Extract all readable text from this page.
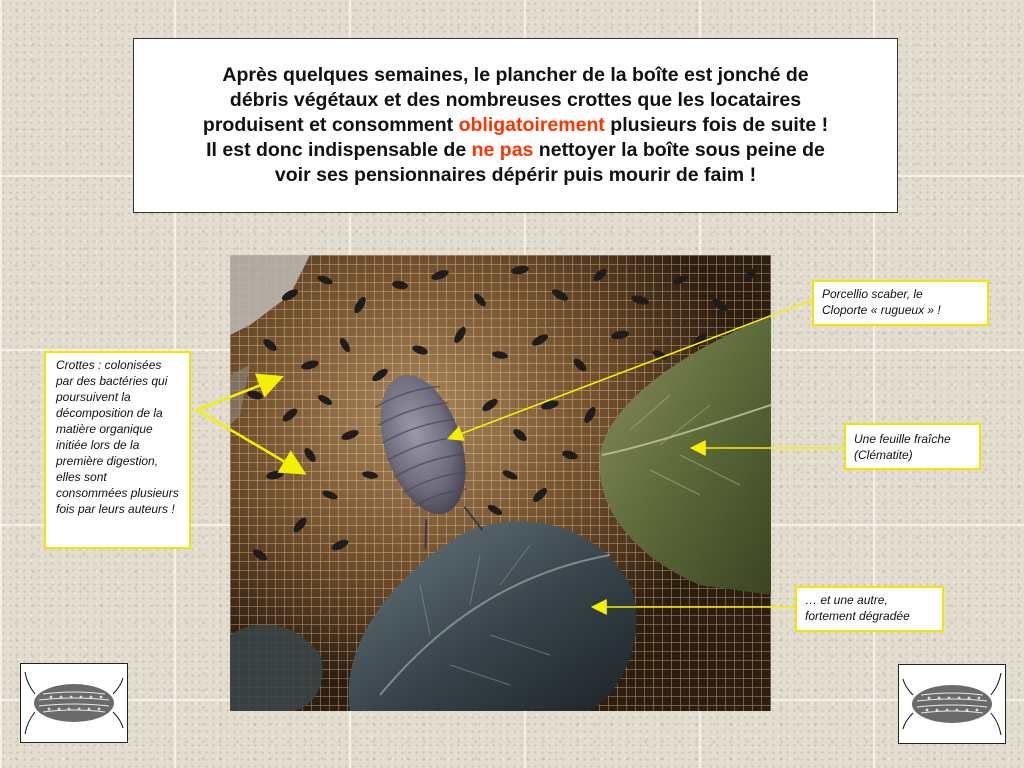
Après quelques semaines, le plancher de la boîte est jonché de
débris végétaux et des nombreuses crottes que les locataires
produisent et consomment obligatoirement plusieurs fois de suite !
Il est donc indispensable de ne pas nettoyer la boîte sous peine de
voir ses pensionnaires dépérir puis mourir de faim !

Porcellio scaber, le
Cloporte « rugueux » !
Crottes : colonisées par des bactéries qui poursuivent la décomposition de la matière organique initiée lors de la première digestion, elles sont consommées plusieurs fois par leurs auteurs !
Une feuille fraîche
(Clématite)
… et une autre,
fortement dégradée
